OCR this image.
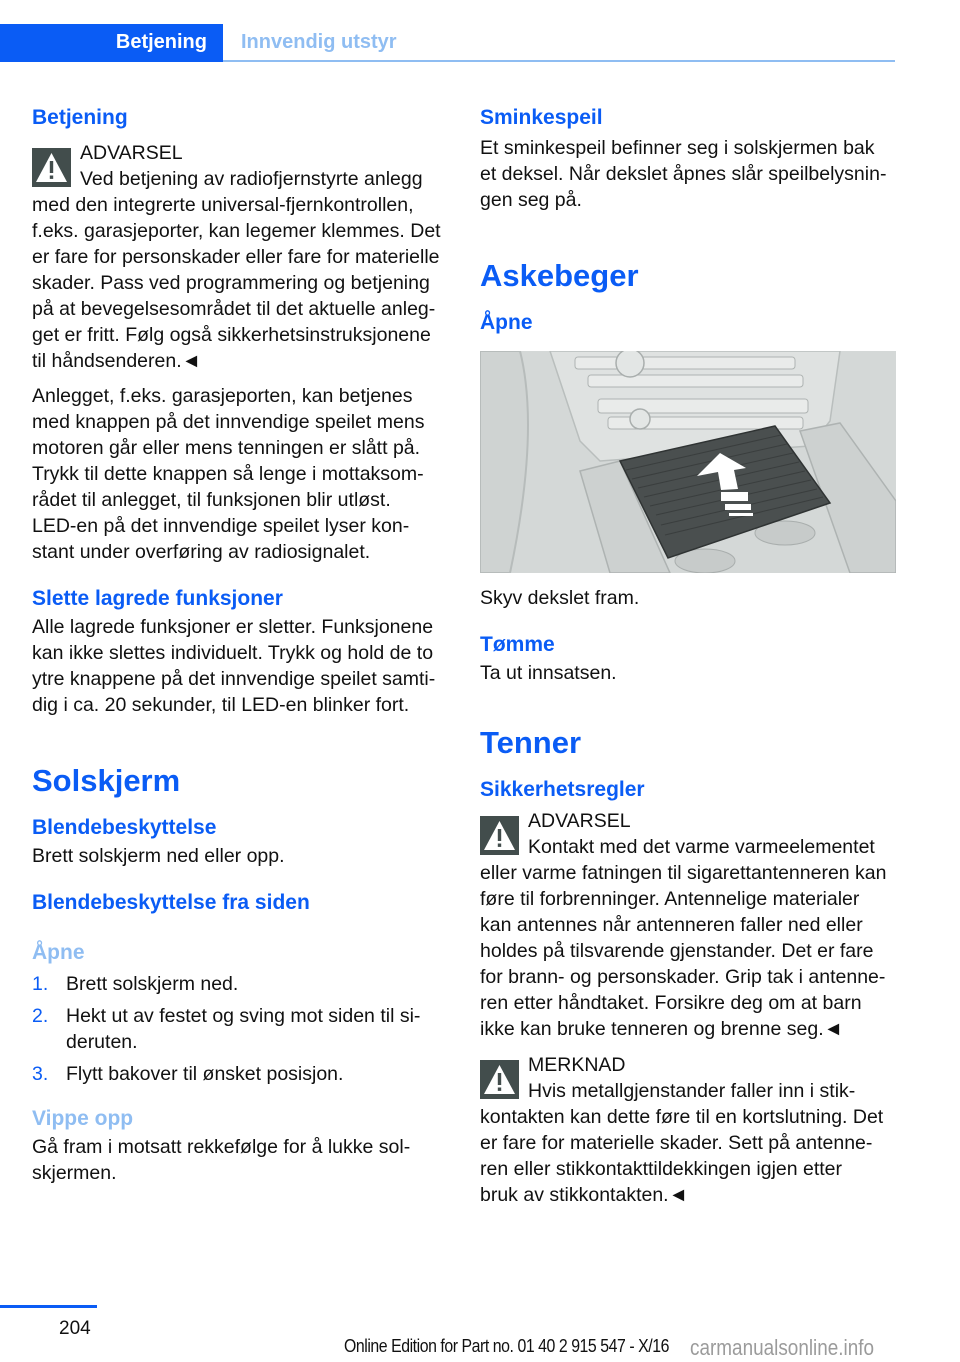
Betjening Innvendig utstyr
Betjening
ADVARSEL
Ved betjening av radiofjernstyrte anlegg
med den integrerte universal-fjernkontrollen,
f.eks. garasjeporter, kan legemer klemmes. Det
er fare for personskader eller fare for materielle
skader. Pass ved programmering og betjening
på at bevegelsesområdet til det aktuelle anleg-
get er fritt. Følg også sikkerhetsinstruksjonene
til håndsenderen.◄
Anlegget, f.eks. garasjeporten, kan betjenes
med knappen på det innvendige speilet mens
motoren går eller mens tenningen er slått på.
Trykk til dette knappen så lenge i mottaksom-
rådet til anlegget, til funksjonen blir utløst.
LED-en på det innvendige speilet lyser kon-
stant under overføring av radiosignalet.
Slette lagrede funksjoner
Alle lagrede funksjoner er sletter. Funksjonene
kan ikke slettes individuelt. Trykk og hold de to
ytre knappene på det innvendige speilet samti-
dig i ca. 20 sekunder, til LED-en blinker fort.
Solskjerm
Blendebeskyttelse
Brett solskjerm ned eller opp.
Blendebeskyttelse fra siden
Åpne
1. Brett solskjerm ned.
2. Hekt ut av festet og sving mot siden til si-
deruten.
3. Flytt bakover til ønsket posisjon.
Vippe opp
Gå fram i motsatt rekkefølge for å lukke sol-
skjermen.
Sminkespeil
Et sminkespeil befinner seg i solskjermen bak
et deksel. Når dekslet åpnes slår speilbelysnin-
gen seg på.
Askebeger
Åpne
Skyv dekslet fram.
Tømme
Ta ut innsatsen.
Tenner
Sikkerhetsregler
ADVARSEL
Kontakt med det varme varmeelementet
eller varme fatningen til sigarettantenneren kan
føre til forbrenninger. Antennelige materialer
kan antennes når antenneren faller ned eller
holdes på tilsvarende gjenstander. Det er fare
for brann- og personskader. Grip tak i antenne-
ren etter håndtaket. Forsikre deg om at barn
ikke kan bruke tenneren og brenne seg.◄
MERKNAD
Hvis metallgjenstander faller inn i stik-
kontakten kan dette føre til en kortslutning. Det
er fare for materielle skader. Sett på antenne-
ren eller stikkontakttildekkingen igjen etter
bruk av stikkontakten.◄
204
Online Edition for Part no. 01 40 2 915 547 - X/16 carmanualsonline.info
